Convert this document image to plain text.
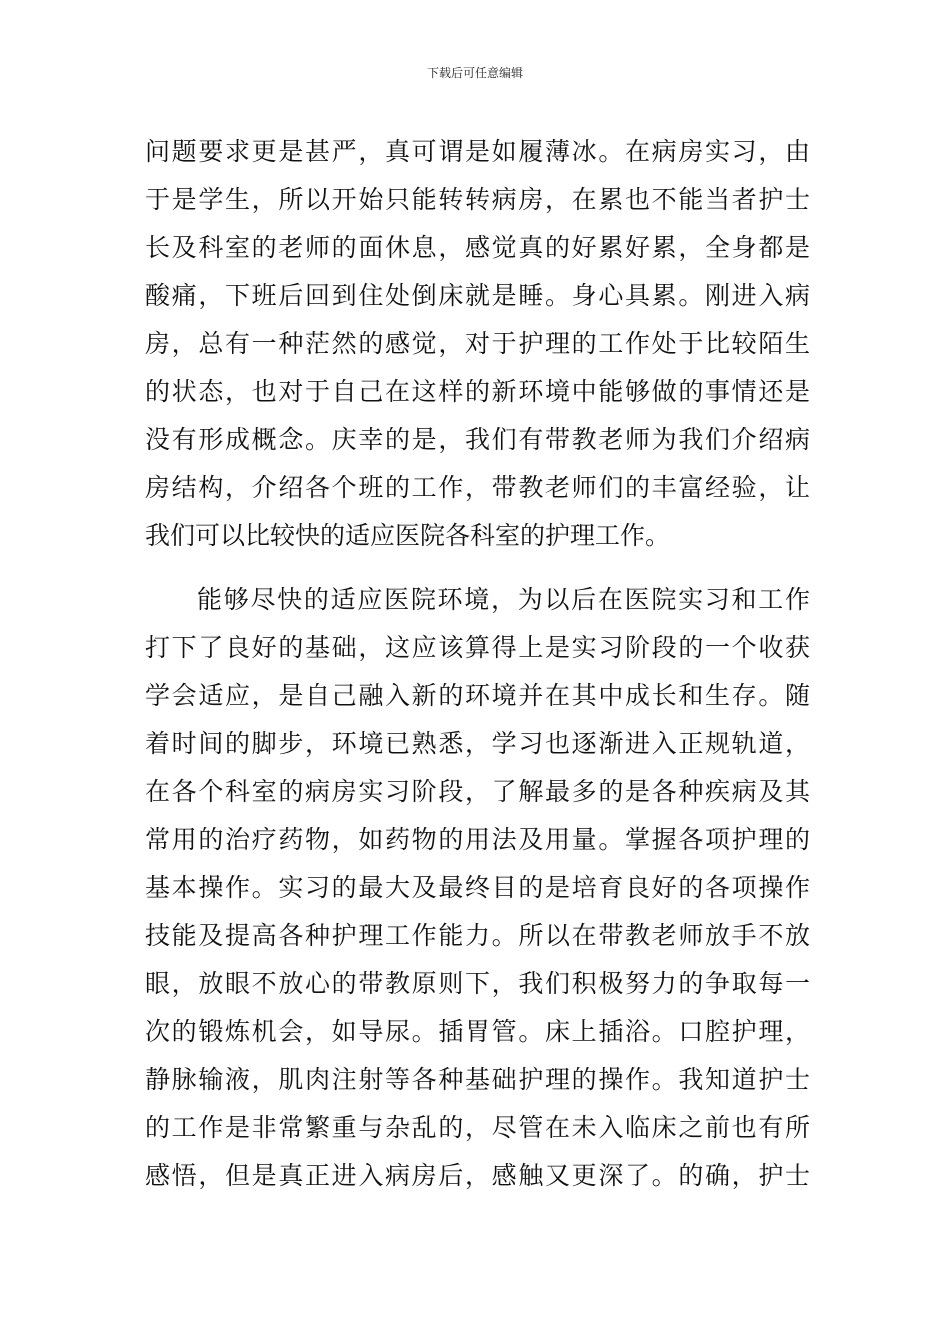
下载后可任意编辑
问题要求更是甚严，真可谓是如履薄冰。在病房实习，由
于是学生，所以开始只能转转病房，在累也不能当者护士
长及科室的老师的面休息，感觉真的好累好累，全身都是
酸痛，下班后回到住处倒床就是睡。身心具累。刚进入病
房，总有一种茫然的感觉，对于护理的工作处于比较陌生
的状态，也对于自己在这样的新环境中能够做的事情还是
没有形成概念。庆幸的是，我们有带教老师为我们介绍病
房结构，介绍各个班的工作，带教老师们的丰富经验，让
我们可以比较快的适应医院各科室的护理工作。
能够尽快的适应医院环境，为以后在医院实习和工作
打下了良好的基础，这应该算得上是实习阶段的一个收获
学会适应，是自己融入新的环境并在其中成长和生存。随
着时间的脚步，环境已熟悉，学习也逐渐进入正规轨道，
在各个科室的病房实习阶段，了解最多的是各种疾病及其
常用的治疗药物，如药物的用法及用量。掌握各项护理的
基本操作。实习的最大及最终目的是培育良好的各项操作
技能及提高各种护理工作能力。所以在带教老师放手不放
眼，放眼不放心的带教原则下，我们积极努力的争取每一
次的锻炼机会，如导尿。插胃管。床上插浴。口腔护理，
静脉输液，肌肉注射等各种基础护理的操作。我知道护士
的工作是非常繁重与杂乱的，尽管在未入临床之前也有所
感悟，但是真正进入病房后，感触又更深了。的确，护士
